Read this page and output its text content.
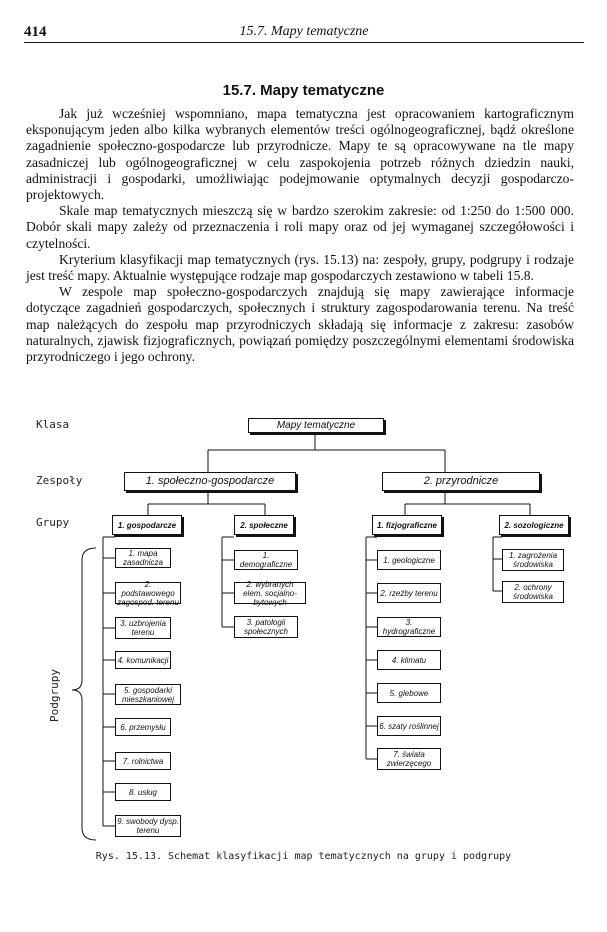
414	15.7. Mapy tematyczne
15.7. Mapy tematyczne

Jak już wcześniej wspomniano, mapa tematyczna jest opracowaniem kartograficznym eksponującym jeden albo kilka wybranych elementów treści ogólnogeograficznej, bądź określone zagadnienie społeczno-gospodarcze lub przyrodnicze. Mapy te są opracowywane na tle mapy zasadniczej lub ogólnogeograficznej w celu zaspokojenia potrzeb różnych dziedzin nauki, administracji i gospodarki, umożliwiając podejmowanie optymalnych decyzji gospodarczo-projektowych.

Skale map tematycznych mieszczą się w bardzo szerokim zakresie: od 1:250 do 1:500 000. Dobór skali mapy zależy od przeznaczenia i roli mapy oraz od jej wymaganej szczegółowości i czytelności.

Kryterium klasyfikacji map tematycznych (rys. 15.13) na: zespoły, grupy, podgrupy i rodzaje jest treść mapy. Aktualnie występujące rodzaje map gospodarczych zestawiono w tabeli 15.8.

W zespole map społeczno-gospodarczych znajdują się mapy zawierające informacje dotyczące zagadnień gospodarczych, społecznych i struktury zagospodarowania terenu. Na treść map należących do zespołu map przyrodniczych składają się informacje z zakresu: zasobów naturalnych, zjawisk fizjograficznych, powiązań pomiędzy poszczególnymi elementami środowiska przyrodniczego i jego ochrony.

Klasa
Zespoły
Grupy
Podgrupy
Mapy tematyczne
1. społeczno-gospodarcze	2. przyrodnicze
1. gospodarcze	2. społeczne	1. fizjograficzne	2. sozologiczne
1. mapa zasadnicza
2. podstawowego zagospod. terenu
3. uzbrojenia terenu
4. komunikacji
5. gospodarki mieszkaniowej
6. przemysłu
7. rolnictwa
8. usług
9. swobody dysp. terenu
1. demograficzne
2. wybranych elem. socjalno-bytowych
3. patologii społecznych
1. geologiczne
2. rzeźby terenu
3. hydrograficzne
4. klimatu
5. glebowe
6. szaty roślinnej
7. świata zwierzęcego
1. zagrożenia środowiska
2. ochrony środowiska
Rys. 15.13. Schemat klasyfikacji map tematycznych na grupy i podgrupy
